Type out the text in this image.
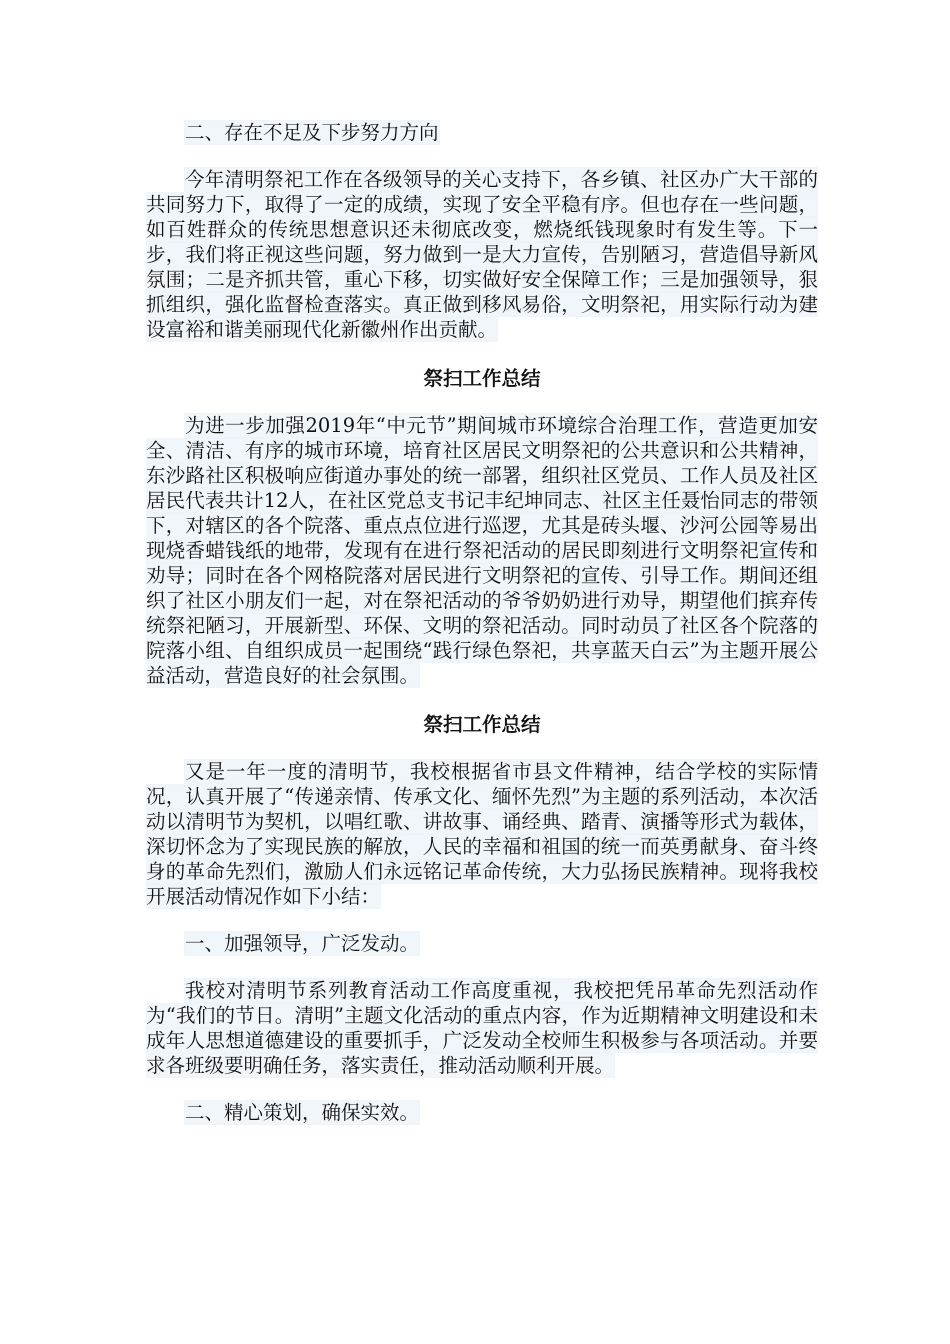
二、存在不足及下步努力方向

今年清明祭祀工作在各级领导的关心支持下，各乡镇、社区办广大干部的共同努力下，取得了一定的成绩，实现了安全平稳有序。但也存在一些问题，如百姓群众的传统思想意识还未彻底改变，燃烧纸钱现象时有发生等。下一步，我们将正视这些问题，努力做到一是大力宣传，告别陋习，营造倡导新风氛围；二是齐抓共管，重心下移，切实做好安全保障工作；三是加强领导，狠抓组织，强化监督检查落实。真正做到移风易俗，文明祭祀，用实际行动为建设富裕和谐美丽现代化新徽州作出贡献。

祭扫工作总结

为进一步加强2019年“中元节”期间城市环境综合治理工作，营造更加安全、清洁、有序的城市环境，培育社区居民文明祭祀的公共意识和公共精神，东沙路社区积极响应街道办事处的统一部署，组织社区党员、工作人员及社区居民代表共计12人，在社区党总支书记丰纪坤同志、社区主任聂怡同志的带领下，对辖区的各个院落、重点点位进行巡逻，尤其是砖头堰、沙河公园等易出现烧香蜡钱纸的地带，发现有在进行祭祀活动的居民即刻进行文明祭祀宣传和劝导；同时在各个网格院落对居民进行文明祭祀的宣传、引导工作。期间还组织了社区小朋友们一起，对在祭祀活动的爷爷奶奶进行劝导，期望他们摈弃传统祭祀陋习，开展新型、环保、文明的祭祀活动。同时动员了社区各个院落的院落小组、自组织成员一起围绕“践行绿色祭祀，共享蓝天白云”为主题开展公益活动，营造良好的社会氛围。

祭扫工作总结

又是一年一度的清明节，我校根据省市县文件精神，结合学校的实际情况，认真开展了“传递亲情、传承文化、缅怀先烈”为主题的系列活动，本次活动以清明节为契机，以唱红歌、讲故事、诵经典、踏青、演播等形式为载体，深切怀念为了实现民族的解放，人民的幸福和祖国的统一而英勇献身、奋斗终身的革命先烈们，激励人们永远铭记革命传统，大力弘扬民族精神。现将我校开展活动情况作如下小结：

一、加强领导，广泛发动。

我校对清明节系列教育活动工作高度重视，我校把凭吊革命先烈活动作为“我们的节日。清明”主题文化活动的重点内容，作为近期精神文明建设和未成年人思想道德建设的重要抓手，广泛发动全校师生积极参与各项活动。并要求各班级要明确任务，落实责任，推动活动顺利开展。

二、精心策划，确保实效。
